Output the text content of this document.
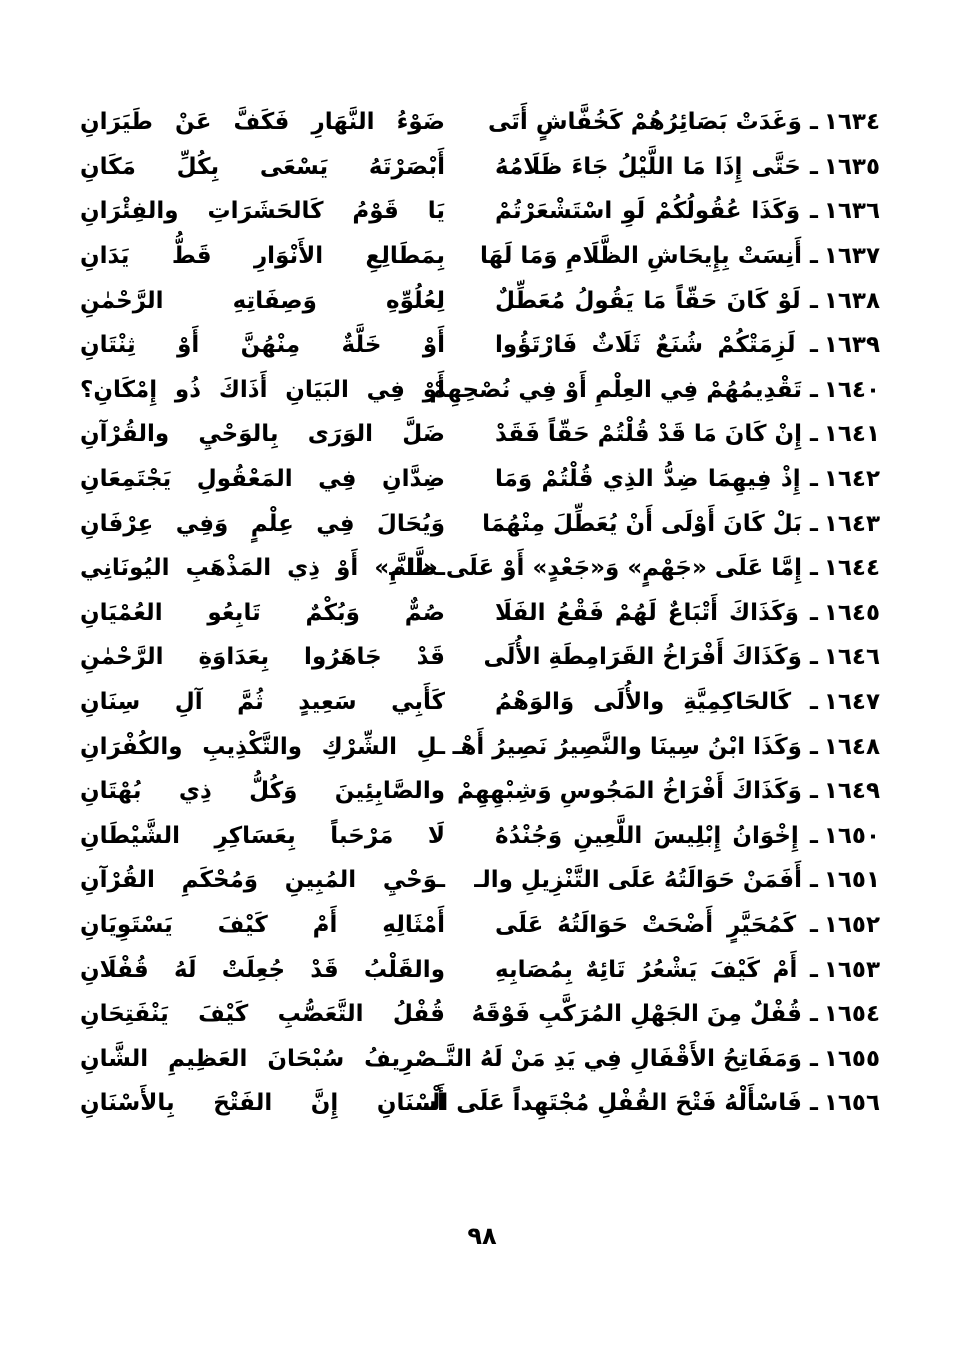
١٦٣٤ـ وَغَدَتْ بَصَائِرُهُمْ كَخُفَّاشٍ أَتَى
ضَوْءُ النَّهَارِ فَكَفَّ عَنْ طَيَرَانِ
١٦٣٥ـ حَتَّى إِذَا مَا اللَّيْلُ جَاءَ ظَلَامُهُ
أَبْصَرْتَهُ يَسْعَى بِكُلِّ مَكَانِ
١٦٣٦ـ وَكَذَا عُقُولُكُمْ لَوِ اسْتَشْعَرْتُمْ
يَا قَوْمُ كَالحَشَرَاتِ والفِئْرَانِ
١٦٣٧ـ أَنِسَتْ بِإِيحَاشِ الظَّلَامِ وَمَا لَهَا
بِمَطَالِعِ الأَنْوَارِ قَطُّ يَدَانِ
١٦٣٨ـ لَوْ كَانَ حَقّاً مَا يَقُولُ مُعَطِّلٌ
لِعُلُوِّهِ وَصِفَاتِهِ الرَّحْمٰنِ
١٦٣٩ـ لَزِمَتْكُمْ شُنَعٌ ثَلَاثٌ فَارْتَؤُوا
أَوْ خَلَّةٌ مِنْهُنَّ أَوْ ثِنْتَانِ
١٦٤٠ـ تَقْدِيمُهُمْ فِي العِلْمِ أَوْ فِي نُصْحِهِمْ
أَوْ فِي البَيَانِ أَذَاكَ ذُو إِمْكَانِ؟
١٦٤١ـ إِنْ كَانَ مَا قَدْ قُلْتُمْ حَقّاً فَقَدْ
ضَلَّ الوَرَى بِالوَحْيِ والقُرْآنِ
١٦٤٢ـ إِذْ فِيهِمَا ضِدُّ الذِي قُلْتُمْ وَمَا
ضِدَّانِ فِي المَعْقُولِ يَجْتَمِعَانِ
١٦٤٣ـ بَلْ كَانَ أَوْلَى أَنْ يُعَطِّلَ مِنْهُمَا
وَيُحَالَ فِي عِلْمٍ وَفِي عِرْفَانِ
١٦٤٤ـ إِمَّا عَلَى «جَهْمٍ» وَ«جَعْدٍ» أَوْ عَلَى «النَّـ
ـظَّامِ» أَوْ ذِي المَذْهَبِ اليُونَانِي
١٦٤٥ـ وَكَذَاكَ أَتْبَاعٌ لَهُمْ فَقْعُ الفَلَا
صُمٌّ وَبُكْمٌ تَابِعُو العُمْيَانِ
١٦٤٦ـ وَكَذَاكَ أَفْرَاخُ القَرَامِطَةِ الأُلَى
قَدْ جَاهَرُوا بِعَدَاوَةِ الرَّحْمٰنِ
١٦٤٧ـ كَالحَاكِمِيَّةِ والأُلَى وَالوَهْمُ
كَأَبِي سَعِيدٍ ثُمَّ آلِ سِنَانِ
١٦٤٨ـ وَكَذَا ابْنُ سِينَا والنَّصِيرُ نَصِيرُ أَهْـ
ـلِ الشِّرْكِ والتَّكْذِيبِ والكُفْرَانِ
١٦٤٩ـ وَكَذَاكَ أَفْرَاخُ المَجُوسِ وَشِبْهِهِمْ
والصَّابِئِينَ وَكُلُّ ذِي بُهْتَانِ
١٦٥٠ـ إِخْوَانُ إِبْلِيسَ اللَّعِينِ وَجُنْدُهُ
لَا مَرْحَباً بِعَسَاكِرِ الشَّيْطَانِ
١٦٥١ـ أَفَمَنْ حَوَالَتُهُ عَلَى التَّنْزِيلِ والـ
ـوَحْيِ المُبِينِ وَمُحْكَمِ القُرْآنِ
١٦٥٢ـ كَمُحَيَّرٍ أَضْحَتْ حَوَالَتُهُ عَلَى
أَمْثَالِهِ أَمْ كَيْفَ يَسْتَوِيَانِ
١٦٥٣ـ أَمْ كَيْفَ يَشْعُرُ تَائِهٌ بِمُصَابِهِ
والقَلْبُ قَدْ جُعِلَتْ لَهُ قُفْلَانِ
١٦٥٤ـ قُفْلٌ مِنَ الجَهْلِ المُرَكَّبِ فَوْقَهُ
قُفْلُ التَّعَصُّبِ كَيْفَ يَنْفَتِحَانِ
١٦٥٥ـ وَمَفَاتِحُ الأَقْفَالِ فِي يَدِ مَنْ لَهُ التَّـ
ـصْرِيفُ سُبْحَانَ العَظِيمِ الشَّانِ
١٦٥٦ـ فَاسْأَلْهُ فَتْحَ القُفْلِ مُجْتَهِداً عَلَى الْـ
أَسْنَانِ إِنَّ الفَتْحَ بِالأَسْنَانِ
٩٨
